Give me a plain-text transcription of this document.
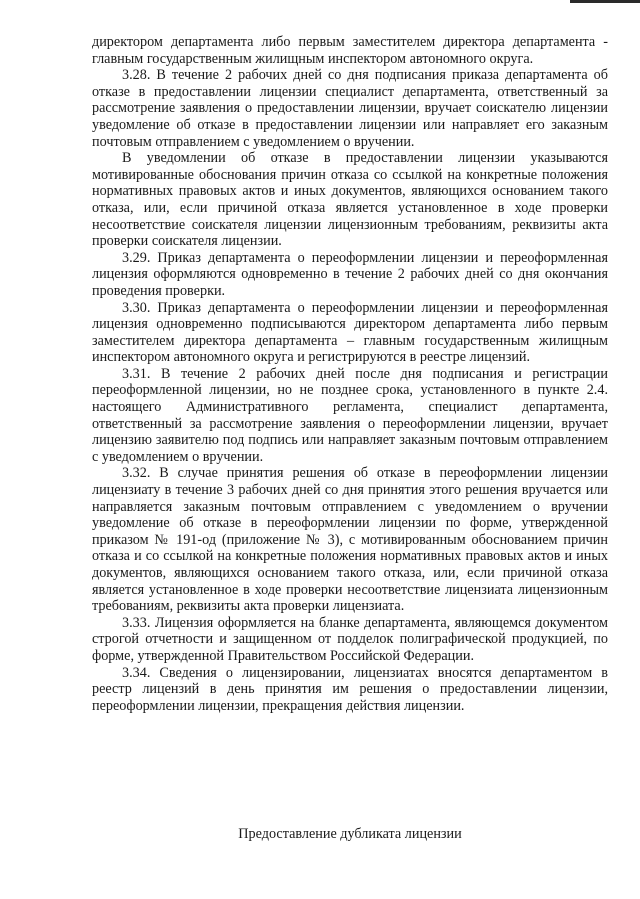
директором департамента либо первым заместителем директора департамента - главным государственным жилищным инспектором автономного округа.

3.28. В течение 2 рабочих дней со дня подписания приказа департамента об отказе в предоставлении лицензии специалист департамента, ответственный за рассмотрение заявления о предоставлении лицензии, вручает соискателю лицензии уведомление об отказе в предоставлении лицензии или направляет его заказным почтовым отправлением с уведомлением о вручении.

В уведомлении об отказе в предоставлении лицензии указываются мотивированные обоснования причин отказа со ссылкой на конкретные положения нормативных правовых актов и иных документов, являющихся основанием такого отказа, или, если причиной отказа является установленное в ходе проверки несоответствие соискателя лицензии лицензионным требованиям, реквизиты акта проверки соискателя лицензии.

3.29. Приказ департамента о переоформлении лицензии и переоформленная лицензия оформляются одновременно в течение 2 рабочих дней со дня окончания проведения проверки.

3.30. Приказ департамента о переоформлении лицензии и переоформленная лицензия одновременно подписываются директором департамента либо первым заместителем директора департамента – главным государственным жилищным инспектором автономного округа и регистрируются в реестре лицензий.

3.31. В течение 2 рабочих дней после дня подписания и регистрации переоформленной лицензии, но не позднее срока, установленного в пункте 2.4. настоящего Административного регламента, специалист департамента, ответственный за рассмотрение заявления о переоформлении лицензии, вручает лицензию заявителю под подпись или направляет заказным почтовым отправлением с уведомлением о вручении.

3.32. В случае принятия решения об отказе в переоформлении лицензии лицензиату в течение 3 рабочих дней со дня принятия этого решения вручается или направляется заказным почтовым отправлением с уведомлением о вручении уведомление об отказе в переоформлении лицензии по форме, утвержденной приказом № 191-од (приложение № 3), с мотивированным обоснованием причин отказа и со ссылкой на конкретные положения нормативных правовых актов и иных документов, являющихся основанием такого отказа, или, если причиной отказа является установленное в ходе проверки несоответствие лицензиата лицензионным требованиям, реквизиты акта проверки лицензиата.

3.33. Лицензия оформляется на бланке департамента, являющемся документом строгой отчетности и защищенном от подделок полиграфической продукцией, по форме, утвержденной Правительством Российской Федерации.

3.34. Сведения о лицензировании, лицензиатах вносятся департаментом в реестр лицензий в день принятия им решения о предоставлении лицензии, переоформлении лицензии, прекращения действия лицензии.

Предоставление дубликата лицензии
